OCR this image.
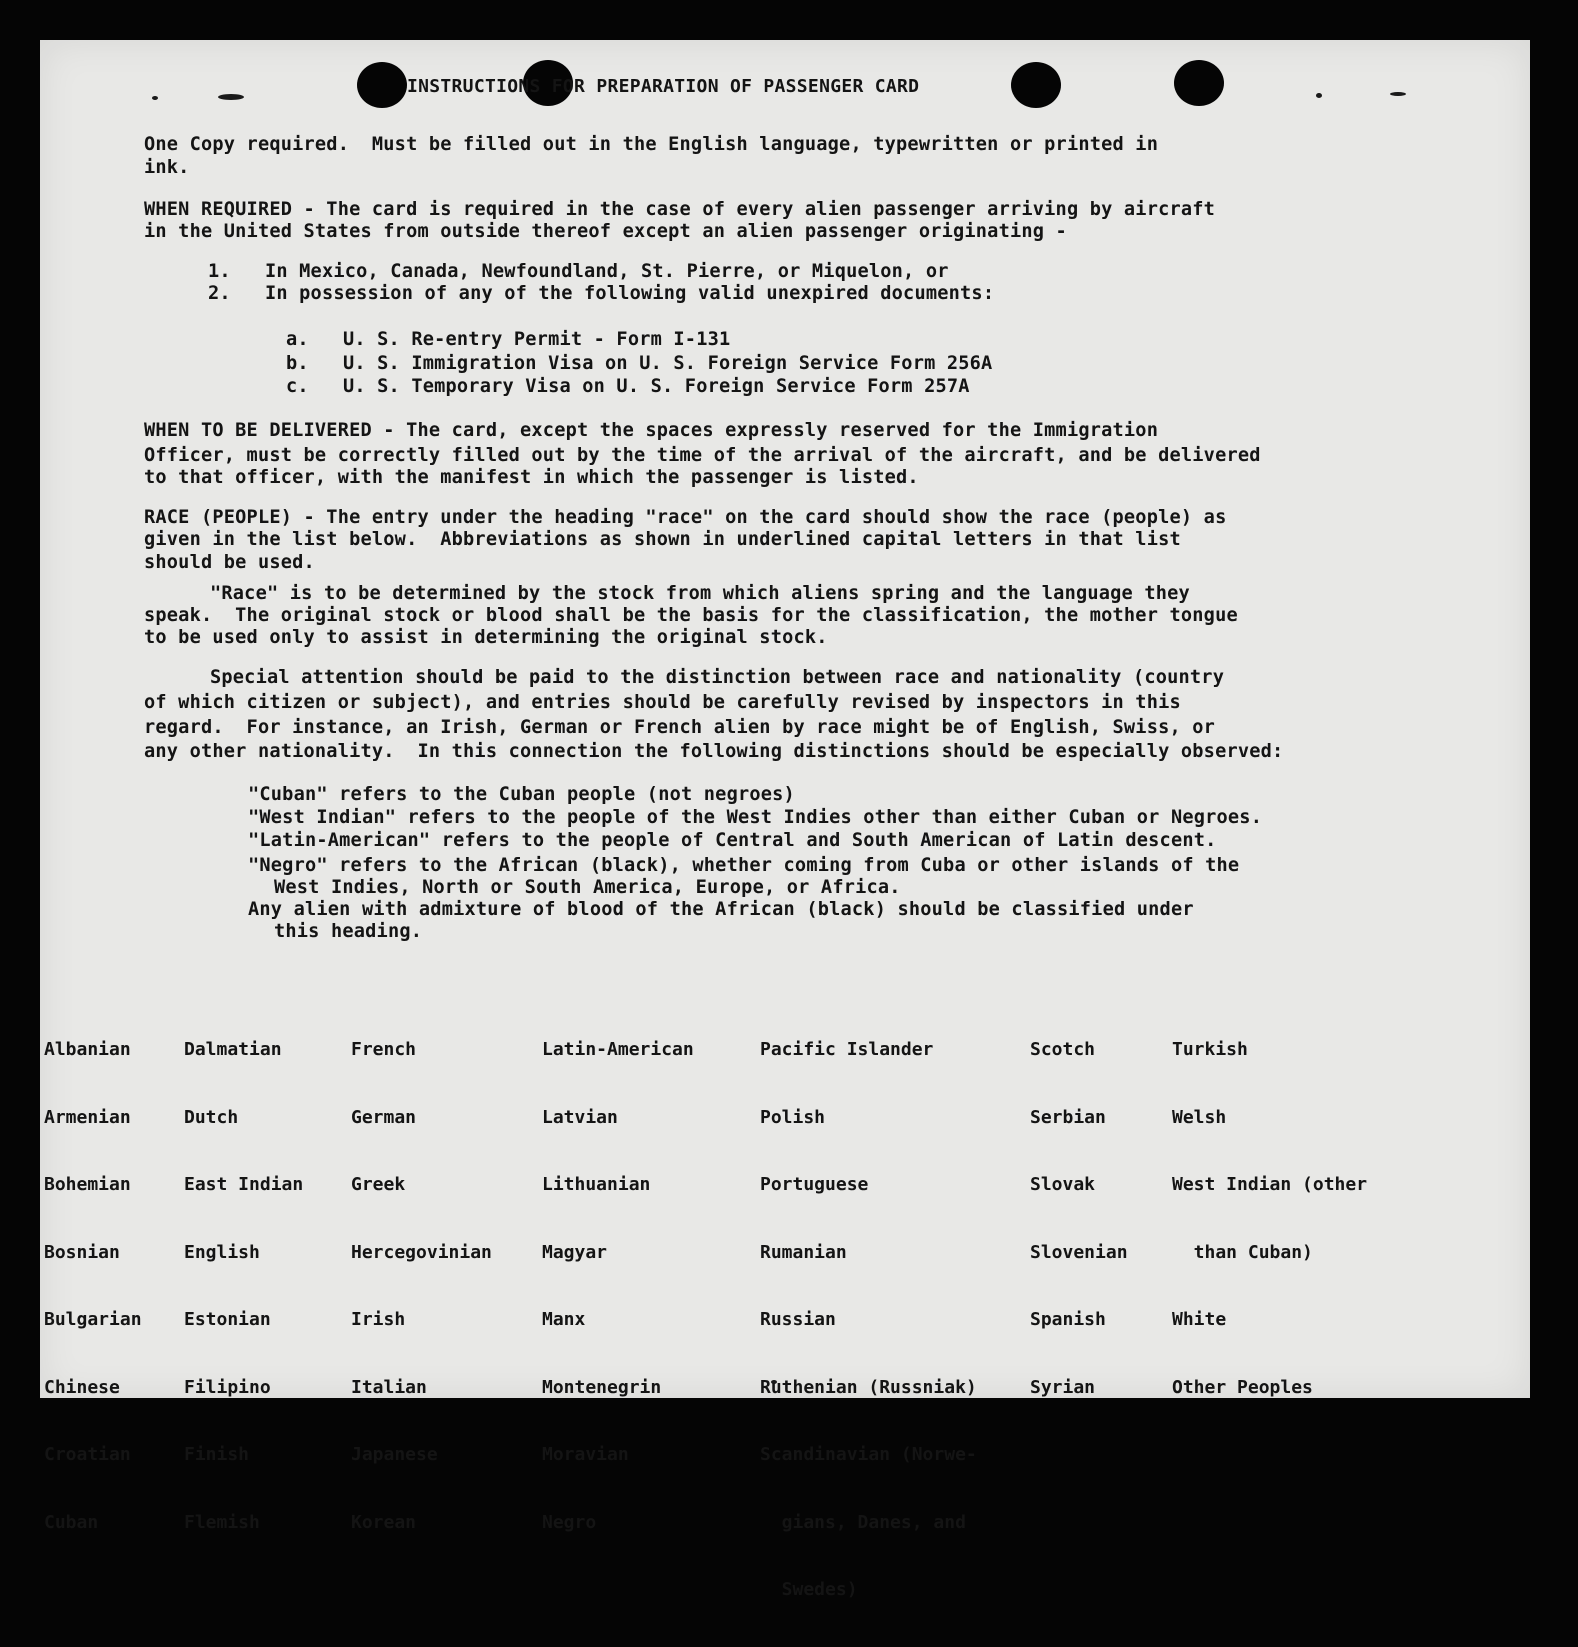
INSTRUCTIONS FOR PREPARATION OF PASSENGER CARD
One Copy required.  Must be filled out in the English language, typewritten or printed in
ink.
WHEN REQUIRED - The card is required in the case of every alien passenger arriving by aircraft
in the United States from outside thereof except an alien passenger originating -
1.   In Mexico, Canada, Newfoundland, St. Pierre, or Miquelon, or
2.   In possession of any of the following valid unexpired documents:
a.   U. S. Re-entry Permit - Form I-131
b.   U. S. Immigration Visa on U. S. Foreign Service Form 256A
c.   U. S. Temporary Visa on U. S. Foreign Service Form 257A
WHEN TO BE DELIVERED - The card, except the spaces expressly reserved for the Immigration
Officer, must be correctly filled out by the time of the arrival of the aircraft, and be delivered
to that officer, with the manifest in which the passenger is listed.
RACE (PEOPLE) - The entry under the heading "race" on the card should show the race (people) as
given in the list below.  Abbreviations as shown in underlined capital letters in that list
should be used.
"Race" is to be determined by the stock from which aliens spring and the language they
speak.  The original stock or blood shall be the basis for the classification, the mother tongue
to be used only to assist in determining the original stock.
Special attention should be paid to the distinction between race and nationality (country
of which citizen or subject), and entries should be carefully revised by inspectors in this
regard.  For instance, an Irish, German or French alien by race might be of English, Swiss, or
any other nationality.  In this connection the following distinctions should be especially observed:
"Cuban" refers to the Cuban people (not negroes)
"West Indian" refers to the people of the West Indies other than either Cuban or Negroes.
"Latin-American" refers to the people of Central and South American of Latin descent.
"Negro" refers to the African (black), whether coming from Cuba or other islands of the
West Indies, North or South America, Europe, or Africa.
Any alien with admixture of blood of the African (black) should be classified under
this heading.

Albanian

Armenian

Bohemian

Bosnian

Bulgarian

Chinese

Croatian

Cuban

Dalmatian

Dutch

East Indian

English

Estonian

Filipino

Finish

Flemish

French

German

Greek

Hercegovinian

Irish

Italian

Japanese

Korean

Latin-American

Latvian

Lithuanian

Magyar

Manx

Montenegrin

Moravian

Negro

Pacific Islander

Polish

Portuguese

Rumanian

Russian

Ruthenian (Russniak)

Scandinavian (Norwe-

gians, Danes, and

Swedes)

Scotch

Serbian

Slovak

Slovenian

Spanish

Syrian

Turkish

Welsh

West Indian (other

than Cuban)

White

Other Peoples
